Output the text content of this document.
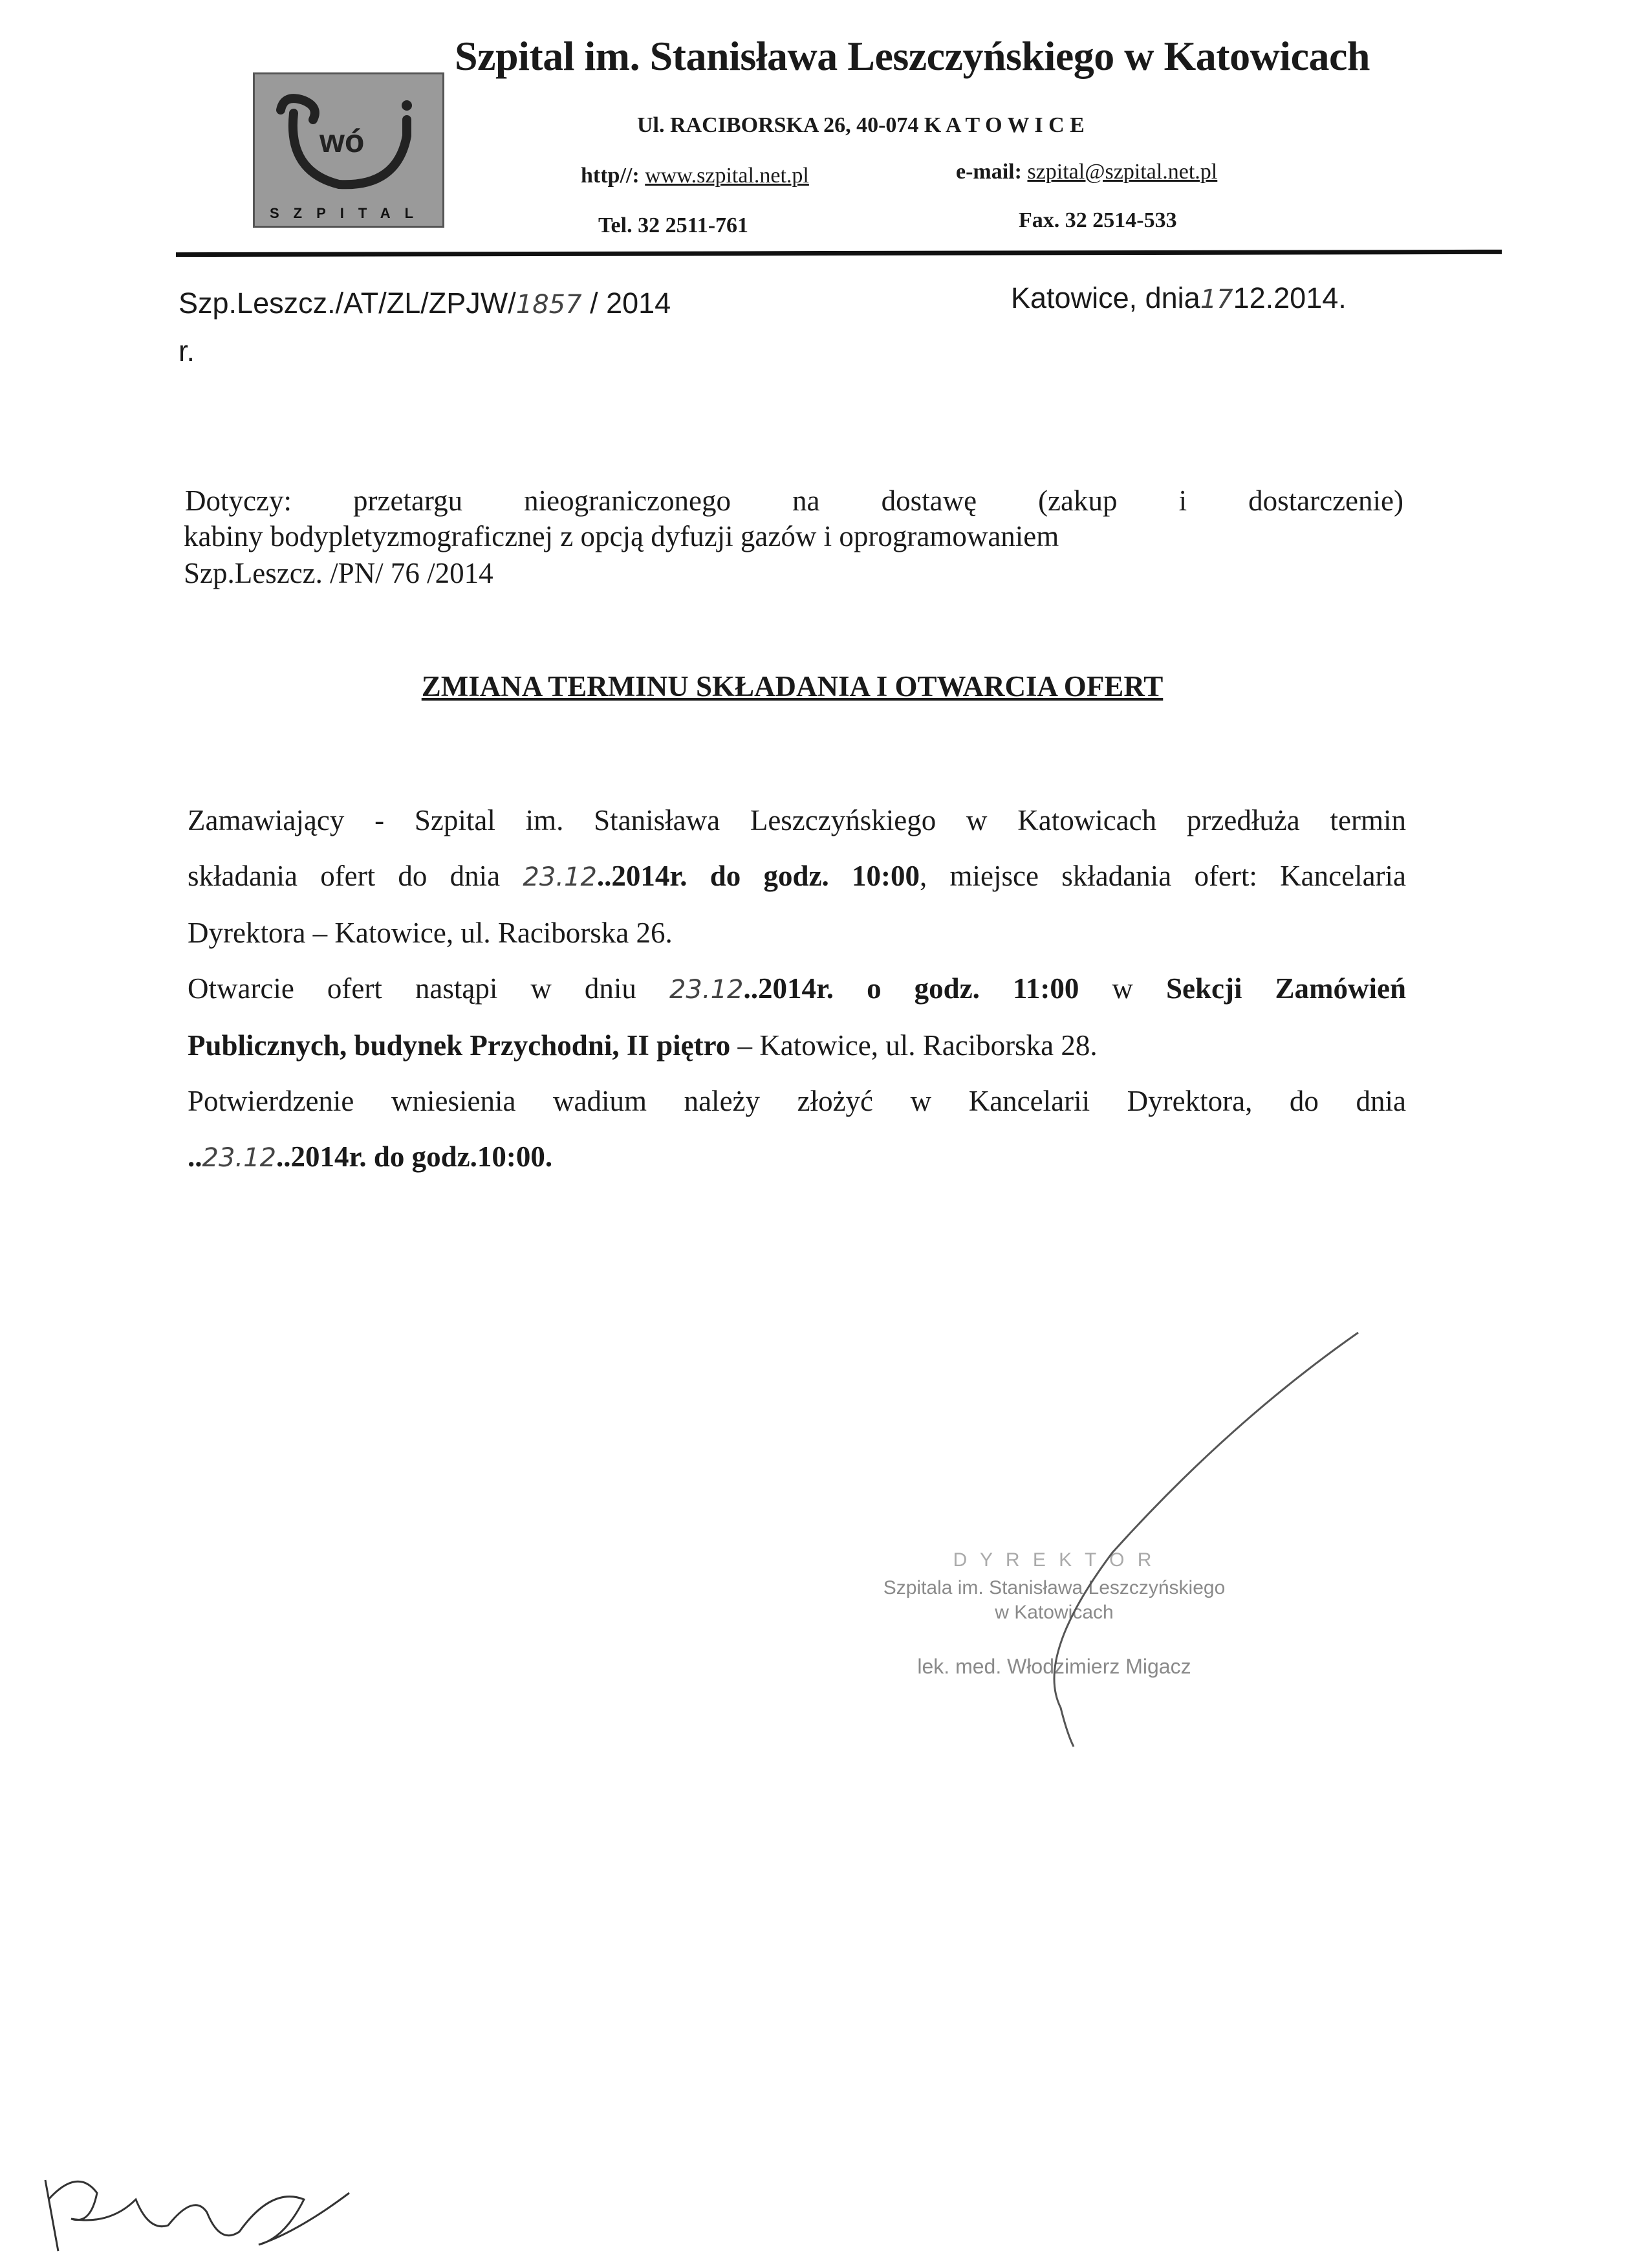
wó
SZPITAL
Szpital im. Stanisława Leszczyńskiego w Katowicach
Ul. RACIBORSKA 26, 40-074 K A T O W I C E
http//: www.szpital.net.pl	e-mail: szpital@szpital.net.pl
Tel. 32 2511-761	Fax. 32 2514-533
Szp.Leszcz./AT/ZL/ZPJW/1857 / 2014
r.
Katowice, dnia1712.2014.
Dotyczy: przetargu nieograniczonego na dostawę (zakup i dostarczenie)
kabiny bodypletyzmograficznej z opcją dyfuzji gazów i oprogramowaniem
Szp.Leszcz. /PN/ 76 /2014
ZMIANA TERMINU SKŁADANIA I OTWARCIA OFERT

Zamawiający - Szpital im. Stanisława Leszczyńskiego w Katowicach przedłuża termin

składania ofert do dnia 23.12..2014r. do godz. 10:00, miejsce składania ofert: Kancelaria

Dyrektora – Katowice, ul. Raciborska 26.

Otwarcie ofert nastąpi w dniu 23.12..2014r. o godz. 11:00 w Sekcji Zamówień

Publicznych, budynek Przychodni, II piętro – Katowice, ul. Raciborska 28.

Potwierdzenie wniesienia wadium należy złożyć w Kancelarii Dyrektora, do dnia

..23.12..2014r. do godz.10:00.

D Y R E K T O R
Szpitala im. Stanisława Leszczyńskiego
w Katowicach
lek. med. Włodzimierz Migacz
